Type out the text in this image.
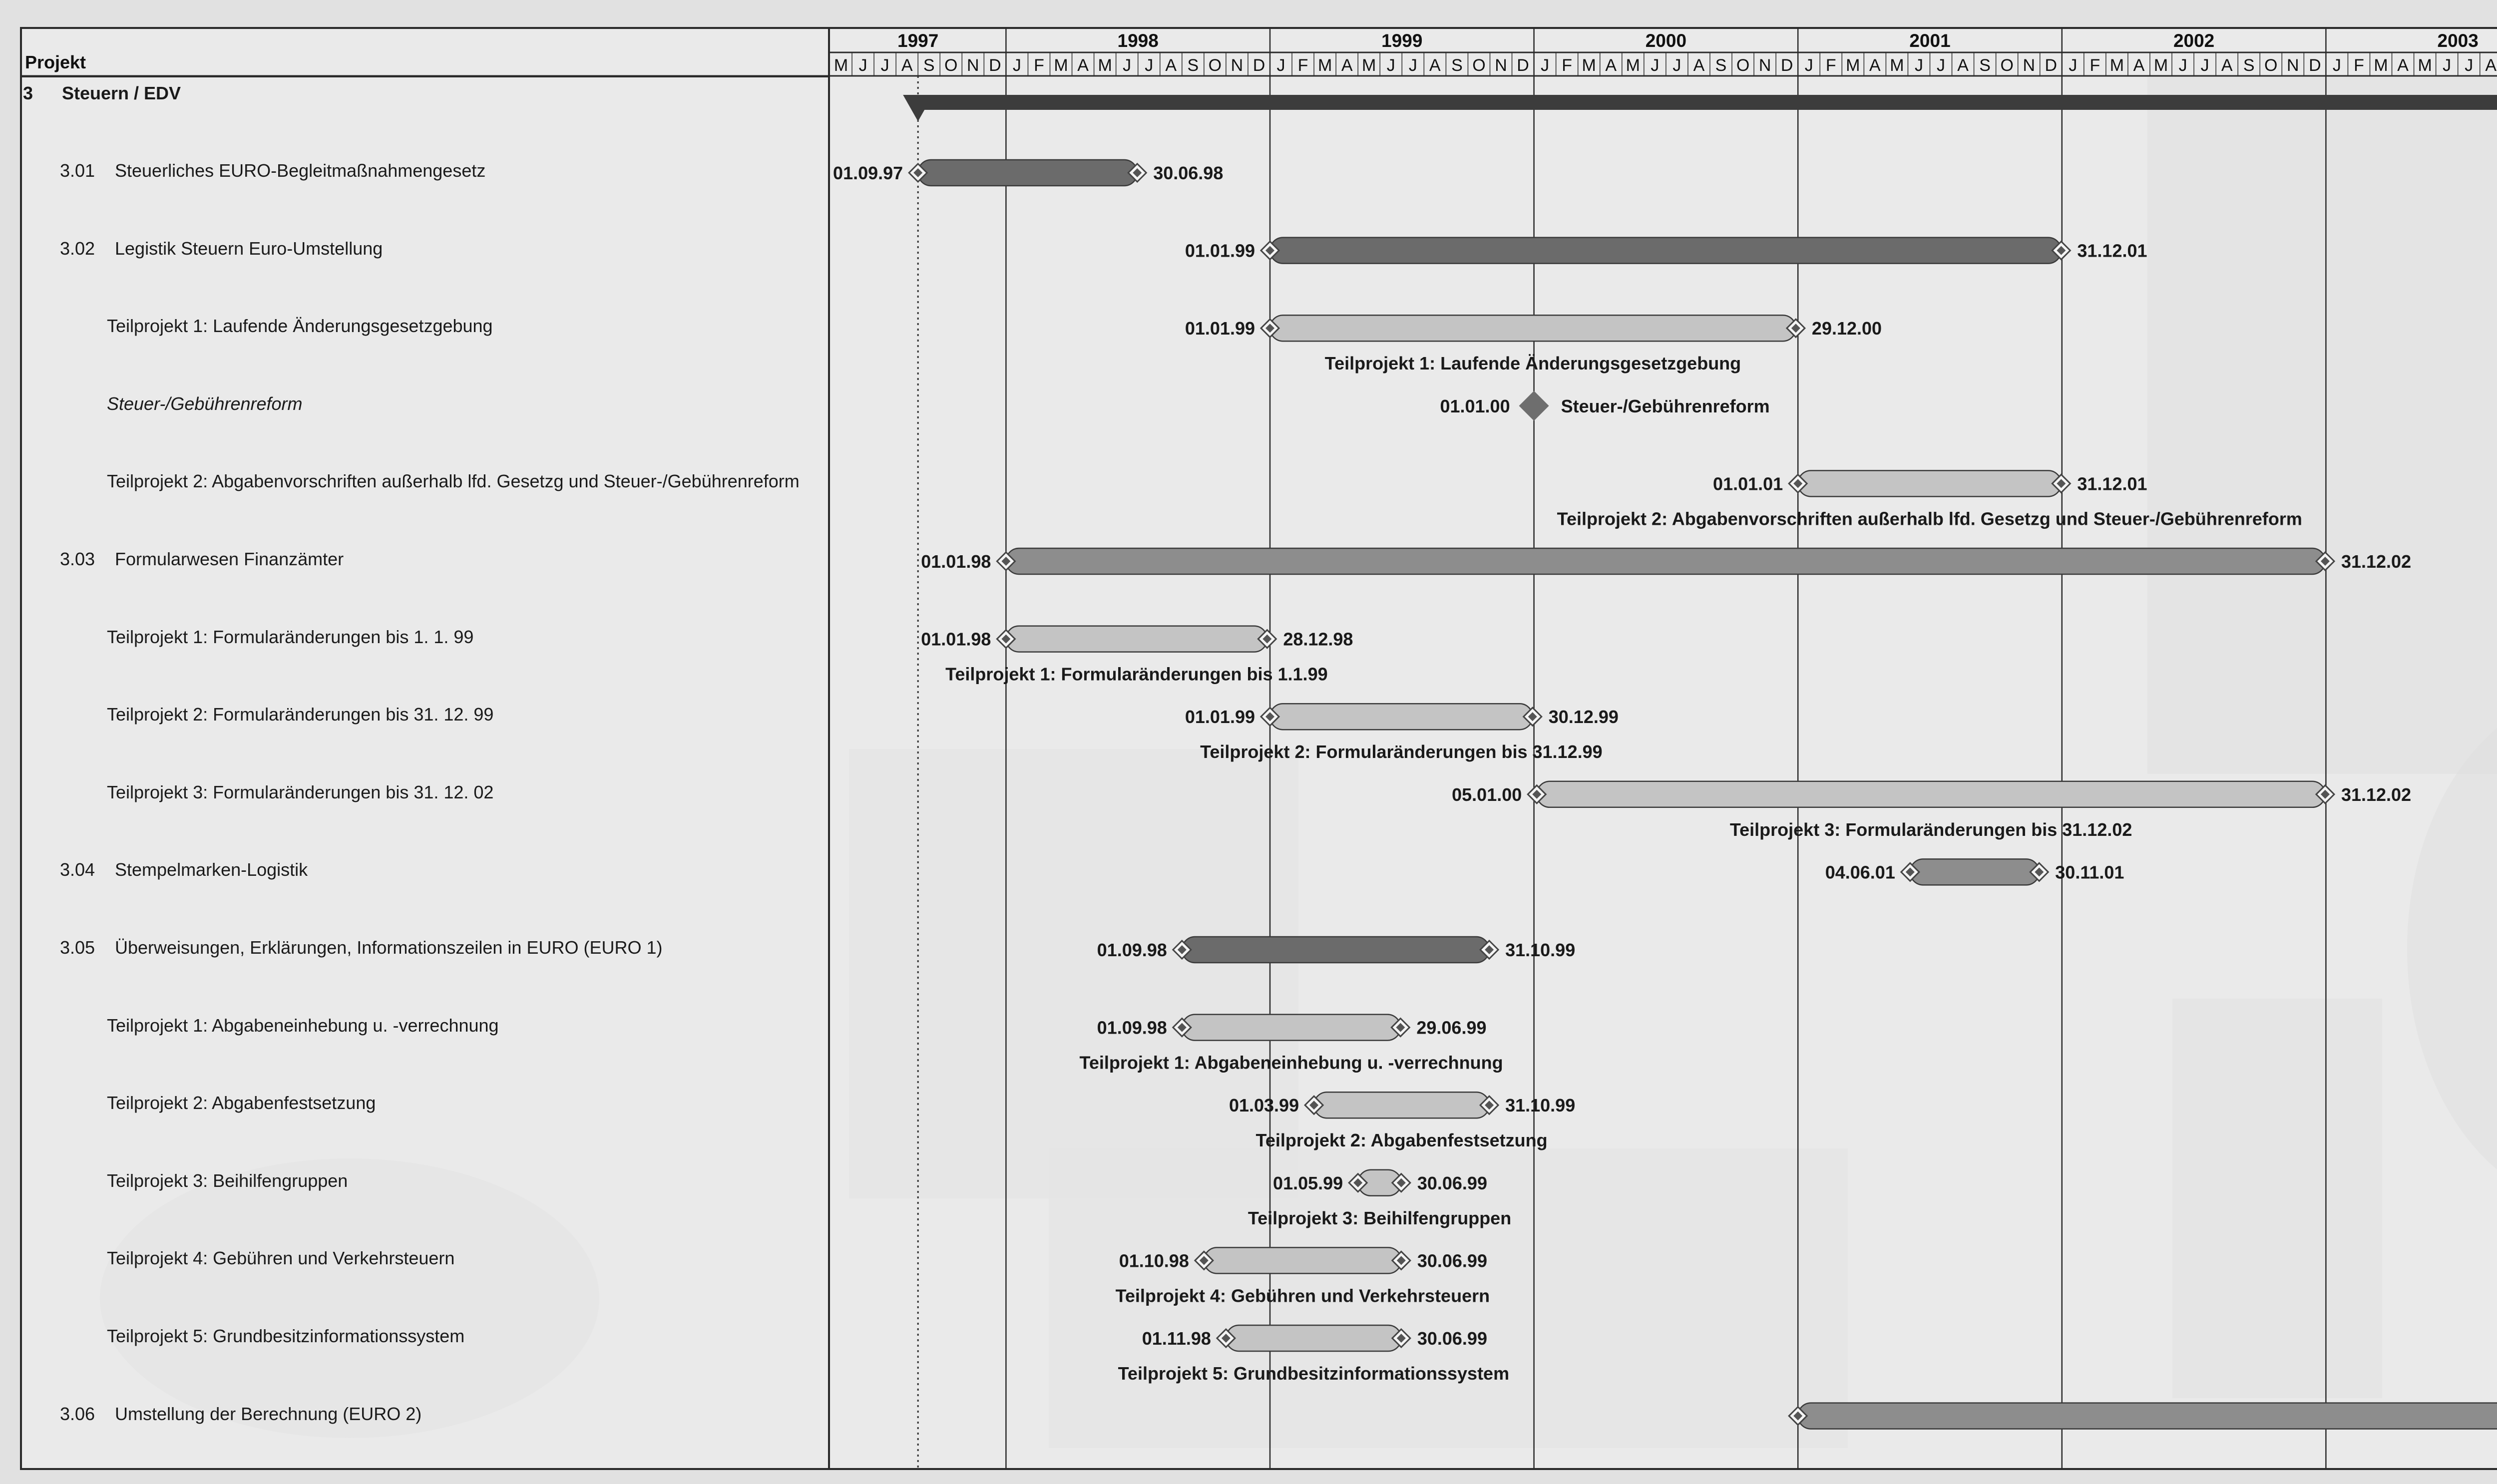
Projekt
3 Steuern / EDV
3.01 Steuerliches EURO-Begleitmaßnahmengesetz
3.02 Legistik Steuern Euro-Umstellung
Teilprojekt 1: Laufende Änderungsgesetzgebung
Steuer-/Gebührenreform
Teilprojekt 2: Abgabenvorschriften außerhalb lfd. Gesetzg und Steuer-/Gebührenreform
3.03 Formularwesen Finanzämter
Teilprojekt 1: Formularänderungen bis 1. 1. 99
Teilprojekt 2: Formularänderungen bis 31. 12. 99
Teilprojekt 3: Formularänderungen bis 31. 12. 02
3.04 Stempelmarken-Logistik
3.05 Überweisungen, Erklärungen, Informationszeilen in EURO (EURO 1)
Teilprojekt 1: Abgabeneinhebung u. -verrechnung
Teilprojekt 2: Abgabenfestsetzung
Teilprojekt 3: Beihilfengruppen
Teilprojekt 4: Gebühren und Verkehrsteuern
Teilprojekt 5: Grundbesitzinformationssystem
3.06 Umstellung der Berechnung (EURO 2)
1997	1998	1999	2000	2001	2002	2003
M J J A S O N D J F M A M J J A S O N D J F M A M J J A S O N D J F M A M J J A S O N D J F M A M J J A S O N D J F M A M J J A S O N D J F M A M J J A
01.09.97	30.06.98
01.01.99	31.12.01
01.01.99	29.12.00
Teilprojekt 1: Laufende Änderungsgesetzgebung
01.01.00	Steuer-/Gebührenreform
01.01.01	31.12.01
Teilprojekt 2: Abgabenvorschriften außerhalb lfd. Gesetzg und Steuer-/Gebührenreform
01.01.98	31.12.02
01.01.98	28.12.98
Teilprojekt 1: Formularänderungen bis 1.1.99
01.01.99	30.12.99
Teilprojekt 2: Formularänderungen bis 31.12.99
05.01.00	31.12.02
Teilprojekt 3: Formularänderungen bis 31.12.02
04.06.01	30.11.01
01.09.98	31.10.99
01.09.98	29.06.99
Teilprojekt 1: Abgabeneinhebung u. -verrechnung
01.03.99	31.10.99
Teilprojekt 2: Abgabenfestsetzung
01.05.99	30.06.99
Teilprojekt 3: Beihilfengruppen
01.10.98	30.06.99
Teilprojekt 4: Gebühren und Verkehrsteuern
01.11.98	30.06.99
Teilprojekt 5: Grundbesitzinformationssystem
